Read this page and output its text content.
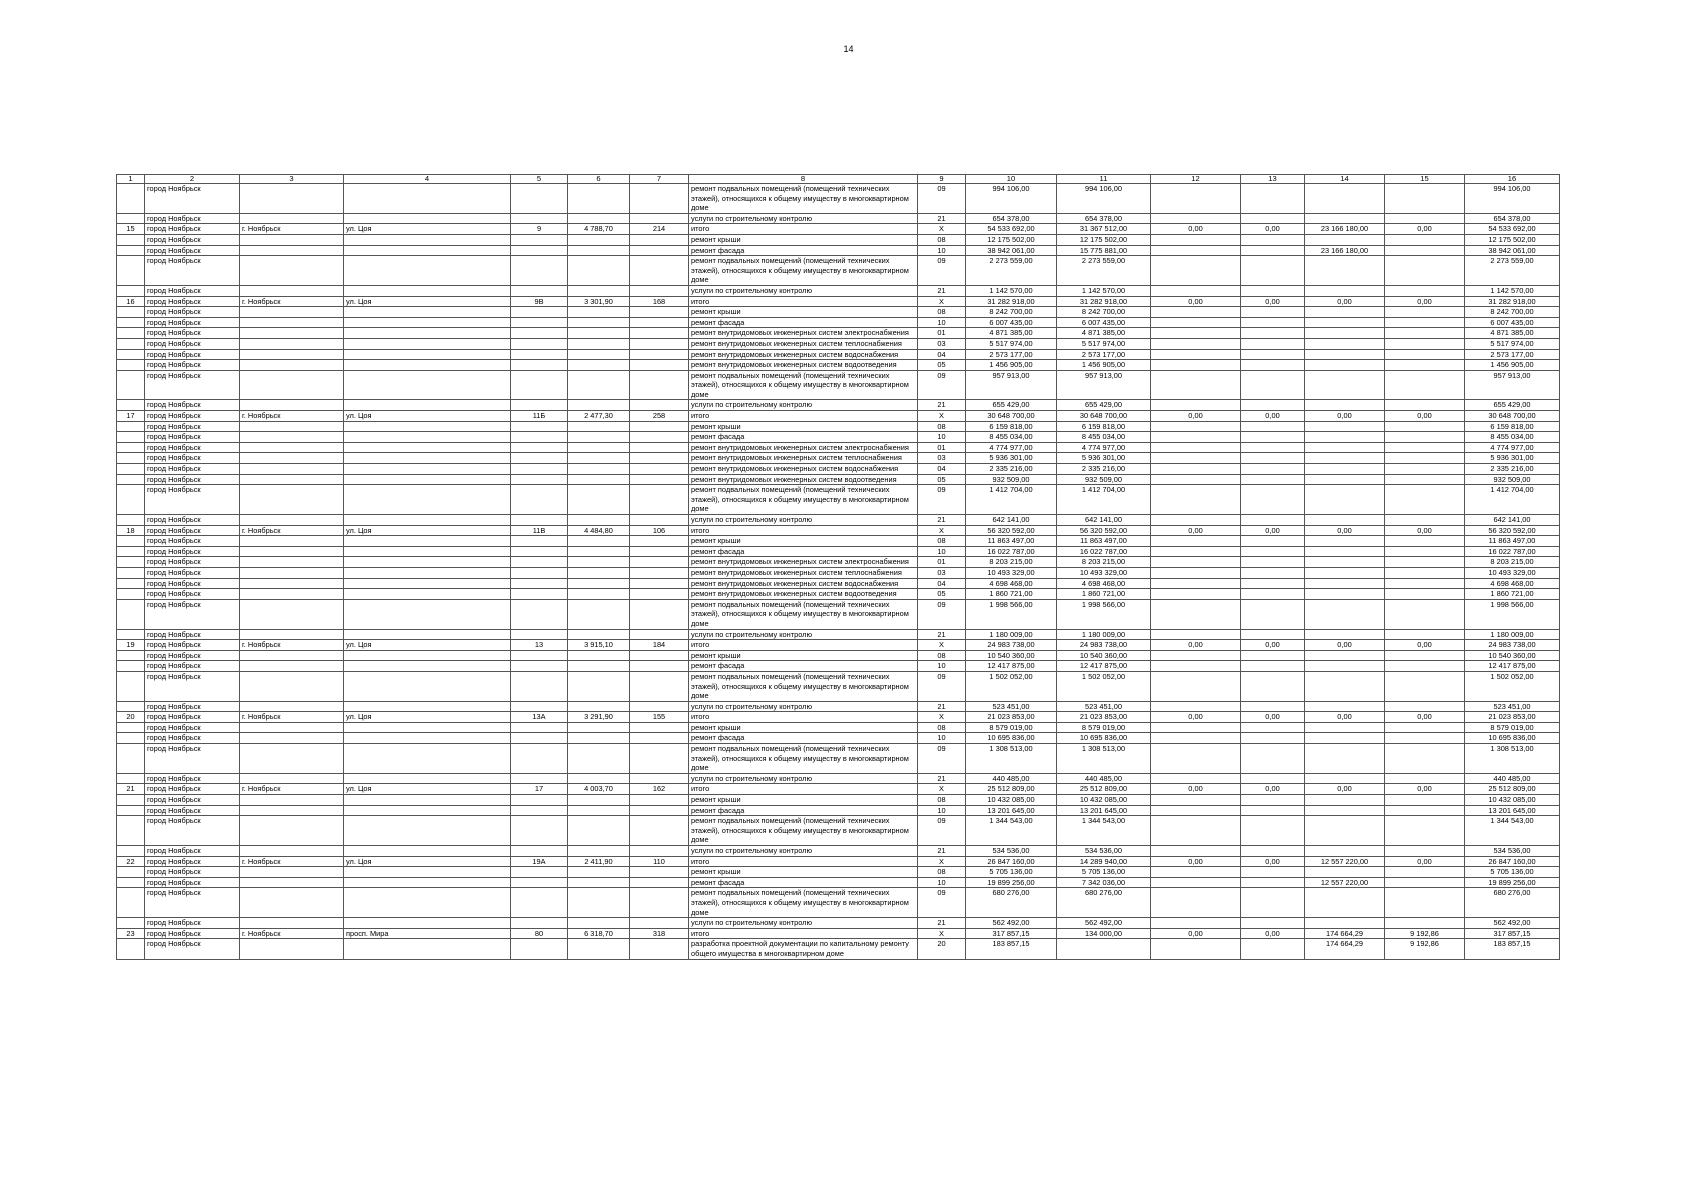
14
1	2	3	4	5	6	7	8	9	10	11	12	13	14	15	16
	город Ноябрьск						ремонт подвальных помещений (помещений технических этажей), относящихся к общему имуществу в многоквартирном доме	09	994 106,00	994 106,00					994 106,00
	город Ноябрьск						услуги по строительному контролю	21	654 378,00	654 378,00					654 378,00
15	город Ноябрьск	г. Ноябрьск	ул. Цоя	9	4 788,70	214	итого	X	54 533 692,00	31 367 512,00	0,00	0,00	23 166 180,00	0,00	54 533 692,00
	город Ноябрьск						ремонт крыши	08	12 175 502,00	12 175 502,00					12 175 502,00
	город Ноябрьск						ремонт фасада	10	38 942 061,00	15 775 881,00			23 166 180,00		38 942 061,00
	город Ноябрьск						ремонт подвальных помещений (помещений технических этажей), относящихся к общему имуществу в многоквартирном доме	09	2 273 559,00	2 273 559,00					2 273 559,00
	город Ноябрьск						услуги по строительному контролю	21	1 142 570,00	1 142 570,00					1 142 570,00
16	город Ноябрьск	г. Ноябрьск	ул. Цоя	9В	3 301,90	168	итого	X	31 282 918,00	31 282 918,00	0,00	0,00	0,00	0,00	31 282 918,00
	город Ноябрьск						ремонт крыши	08	8 242 700,00	8 242 700,00					8 242 700,00
	город Ноябрьск						ремонт фасада	10	6 007 435,00	6 007 435,00					6 007 435,00
	город Ноябрьск						ремонт внутридомовых инженерных систем электроснабжения	01	4 871 385,00	4 871 385,00					4 871 385,00
	город Ноябрьск						ремонт внутридомовых инженерных систем теплоснабжения	03	5 517 974,00	5 517 974,00					5 517 974,00
	город Ноябрьск						ремонт внутридомовых инженерных систем водоснабжения	04	2 573 177,00	2 573 177,00					2 573 177,00
	город Ноябрьск						ремонт внутридомовых инженерных систем водоотведения	05	1 456 905,00	1 456 905,00					1 456 905,00
	город Ноябрьск						ремонт подвальных помещений (помещений технических этажей), относящихся к общему имуществу в многоквартирном доме	09	957 913,00	957 913,00					957 913,00
	город Ноябрьск						услуги по строительному контролю	21	655 429,00	655 429,00					655 429,00
17	город Ноябрьск	г. Ноябрьск	ул. Цоя	11Б	2 477,30	258	итого	X	30 648 700,00	30 648 700,00	0,00	0,00	0,00	0,00	30 648 700,00
	город Ноябрьск						ремонт крыши	08	6 159 818,00	6 159 818,00					6 159 818,00
	город Ноябрьск						ремонт фасада	10	8 455 034,00	8 455 034,00					8 455 034,00
	город Ноябрьск						ремонт внутридомовых инженерных систем электроснабжения	01	4 774 977,00	4 774 977,00					4 774 977,00
	город Ноябрьск						ремонт внутридомовых инженерных систем теплоснабжения	03	5 936 301,00	5 936 301,00					5 936 301,00
	город Ноябрьск						ремонт внутридомовых инженерных систем водоснабжения	04	2 335 216,00	2 335 216,00					2 335 216,00
	город Ноябрьск						ремонт внутридомовых инженерных систем водоотведения	05	932 509,00	932 509,00					932 509,00
	город Ноябрьск						ремонт подвальных помещений (помещений технических этажей), относящихся к общему имуществу в многоквартирном доме	09	1 412 704,00	1 412 704,00					1 412 704,00
	город Ноябрьск						услуги по строительному контролю	21	642 141,00	642 141,00					642 141,00
18	город Ноябрьск	г. Ноябрьск	ул. Цоя	11В	4 484,80	106	итого	X	56 320 592,00	56 320 592,00	0,00	0,00	0,00	0,00	56 320 592,00
	город Ноябрьск						ремонт крыши	08	11 863 497,00	11 863 497,00					11 863 497,00
	город Ноябрьск						ремонт фасада	10	16 022 787,00	16 022 787,00					16 022 787,00
	город Ноябрьск						ремонт внутридомовых инженерных систем электроснабжения	01	8 203 215,00	8 203 215,00					8 203 215,00
	город Ноябрьск						ремонт внутридомовых инженерных систем теплоснабжения	03	10 493 329,00	10 493 329,00					10 493 329,00
	город Ноябрьск						ремонт внутридомовых инженерных систем водоснабжения	04	4 698 468,00	4 698 468,00					4 698 468,00
	город Ноябрьск						ремонт внутридомовых инженерных систем водоотведения	05	1 860 721,00	1 860 721,00					1 860 721,00
	город Ноябрьск						ремонт подвальных помещений (помещений технических этажей), относящихся к общему имуществу в многоквартирном доме	09	1 998 566,00	1 998 566,00					1 998 566,00
	город Ноябрьск						услуги по строительному контролю	21	1 180 009,00	1 180 009,00					1 180 009,00
19	город Ноябрьск	г. Ноябрьск	ул. Цоя	13	3 915,10	184	итого	X	24 983 738,00	24 983 738,00	0,00	0,00	0,00	0,00	24 983 738,00
	город Ноябрьск						ремонт крыши	08	10 540 360,00	10 540 360,00					10 540 360,00
	город Ноябрьск						ремонт фасада	10	12 417 875,00	12 417 875,00					12 417 875,00
	город Ноябрьск						ремонт подвальных помещений (помещений технических этажей), относящихся к общему имуществу в многоквартирном доме	09	1 502 052,00	1 502 052,00					1 502 052,00
	город Ноябрьск						услуги по строительному контролю	21	523 451,00	523 451,00					523 451,00
20	город Ноябрьск	г. Ноябрьск	ул. Цоя	13А	3 291,90	155	итого	X	21 023 853,00	21 023 853,00	0,00	0,00	0,00	0,00	21 023 853,00
	город Ноябрьск						ремонт крыши	08	8 579 019,00	8 579 019,00					8 579 019,00
	город Ноябрьск						ремонт фасада	10	10 695 836,00	10 695 836,00					10 695 836,00
	город Ноябрьск						ремонт подвальных помещений (помещений технических этажей), относящихся к общему имуществу в многоквартирном доме	09	1 308 513,00	1 308 513,00					1 308 513,00
	город Ноябрьск						услуги по строительному контролю	21	440 485,00	440 485,00					440 485,00
21	город Ноябрьск	г. Ноябрьск	ул. Цоя	17	4 003,70	162	итого	X	25 512 809,00	25 512 809,00	0,00	0,00	0,00	0,00	25 512 809,00
	город Ноябрьск						ремонт крыши	08	10 432 085,00	10 432 085,00					10 432 085,00
	город Ноябрьск						ремонт фасада	10	13 201 645,00	13 201 645,00					13 201 645,00
	город Ноябрьск						ремонт подвальных помещений (помещений технических этажей), относящихся к общему имуществу в многоквартирном доме	09	1 344 543,00	1 344 543,00					1 344 543,00
	город Ноябрьск						услуги по строительному контролю	21	534 536,00	534 536,00					534 536,00
22	город Ноябрьск	г. Ноябрьск	ул. Цоя	19А	2 411,90	110	итого	X	26 847 160,00	14 289 940,00	0,00	0,00	12 557 220,00	0,00	26 847 160,00
	город Ноябрьск						ремонт крыши	08	5 705 136,00	5 705 136,00					5 705 136,00
	город Ноябрьск						ремонт фасада	10	19 899 256,00	7 342 036,00			12 557 220,00		19 899 256,00
	город Ноябрьск						ремонт подвальных помещений (помещений технических этажей), относящихся к общему имуществу в многоквартирном доме	09	680 276,00	680 276,00					680 276,00
	город Ноябрьск						услуги по строительному контролю	21	562 492,00	562 492,00					562 492,00
23	город Ноябрьск	г. Ноябрьск	просп. Мира	80	6 318,70	318	итого	X	317 857,15	134 000,00	0,00	0,00	174 664,29	9 192,86	317 857,15
	город Ноябрьск						разработка проектной документации по капитальному ремонту общего имущества в многоквартирном доме	20	183 857,15				174 664,29	9 192,86	183 857,15
